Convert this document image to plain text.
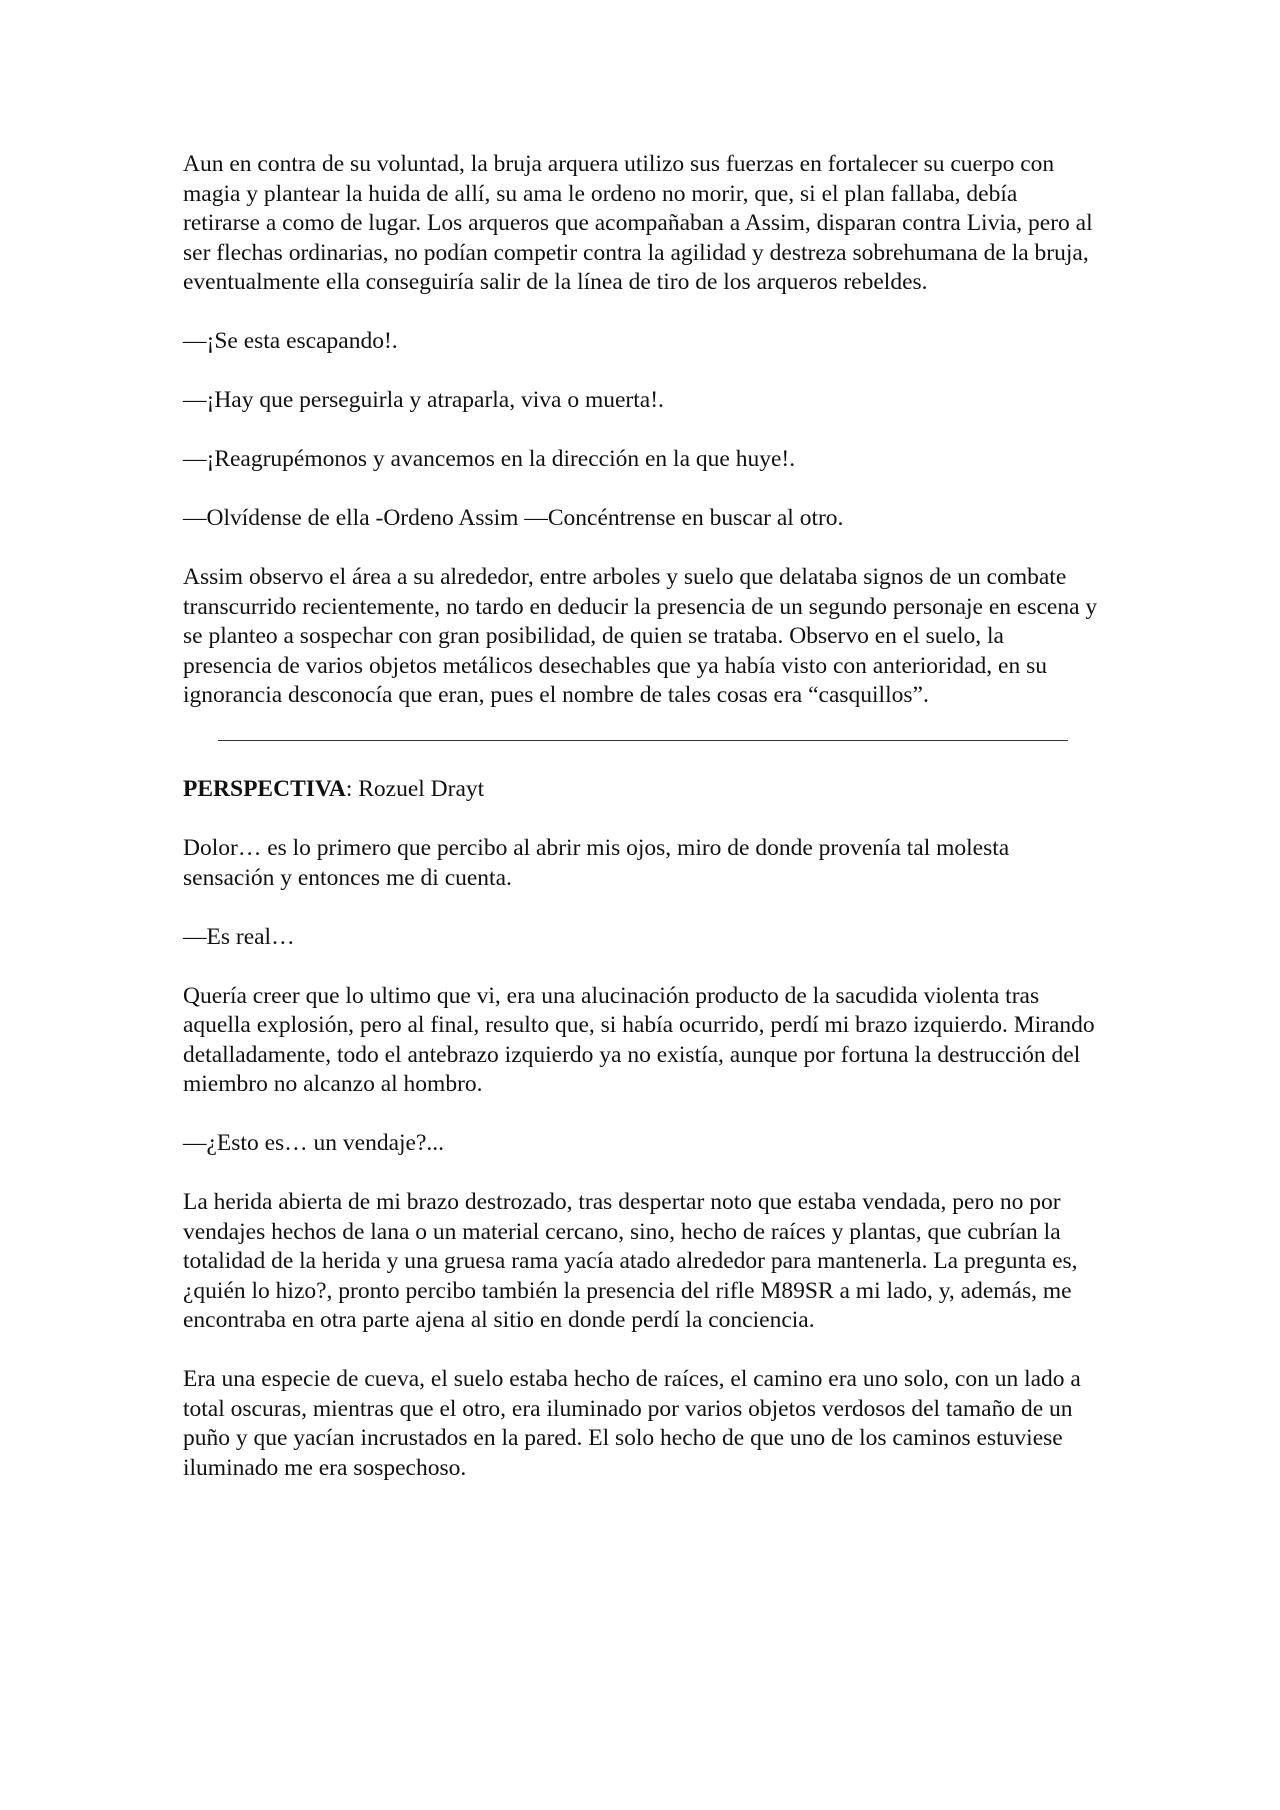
Aun en contra de su voluntad, la bruja arquera utilizo sus fuerzas en fortalecer su cuerpo con magia y plantear la huida de allí, su ama le ordeno no morir, que, si el plan fallaba, debía retirarse a como de lugar. Los arqueros que acompañaban a Assim, disparan contra Livia, pero al ser flechas ordinarias, no podían competir contra la agilidad y destreza sobrehumana de la bruja, eventualmente ella conseguiría salir de la línea de tiro de los arqueros rebeldes.

—¡Se esta escapando!.

—¡Hay que perseguirla y atraparla, viva o muerta!.

—¡Reagrupémonos y avancemos en la dirección en la que huye!.

—Olvídense de ella -Ordeno Assim —Concéntrense en buscar al otro.

Assim observo el área a su alrededor, entre arboles y suelo que delataba signos de un combate transcurrido recientemente, no tardo en deducir la presencia de un segundo personaje en escena y se planteo a sospechar con gran posibilidad, de quien se trataba. Observo en el suelo, la presencia de varios objetos metálicos desechables que ya había visto con anterioridad, en su ignorancia desconocía que eran, pues el nombre de tales cosas era “casquillos”.

PERSPECTIVA: Rozuel Drayt

Dolor… es lo primero que percibo al abrir mis ojos, miro de donde provenía tal molesta sensación y entonces me di cuenta.

—Es real…

Quería creer que lo ultimo que vi, era una alucinación producto de la sacudida violenta tras aquella explosión, pero al final, resulto que, si había ocurrido, perdí mi brazo izquierdo. Mirando detalladamente, todo el antebrazo izquierdo ya no existía, aunque por fortuna la destrucción del miembro no alcanzo al hombro.

—¿Esto es… un vendaje?...

La herida abierta de mi brazo destrozado, tras despertar noto que estaba vendada, pero no por vendajes hechos de lana o un material cercano, sino, hecho de raíces y plantas, que cubrían la totalidad de la herida y una gruesa rama yacía atado alrededor para mantenerla. La pregunta es, ¿quién lo hizo?, pronto percibo también la presencia del rifle M89SR a mi lado, y, además, me encontraba en otra parte ajena al sitio en donde perdí la conciencia.

Era una especie de cueva, el suelo estaba hecho de raíces, el camino era uno solo, con un lado a total oscuras, mientras que el otro, era iluminado por varios objetos verdosos del tamaño de un puño y que yacían incrustados en la pared. El solo hecho de que uno de los caminos estuviese iluminado me era sospechoso.
